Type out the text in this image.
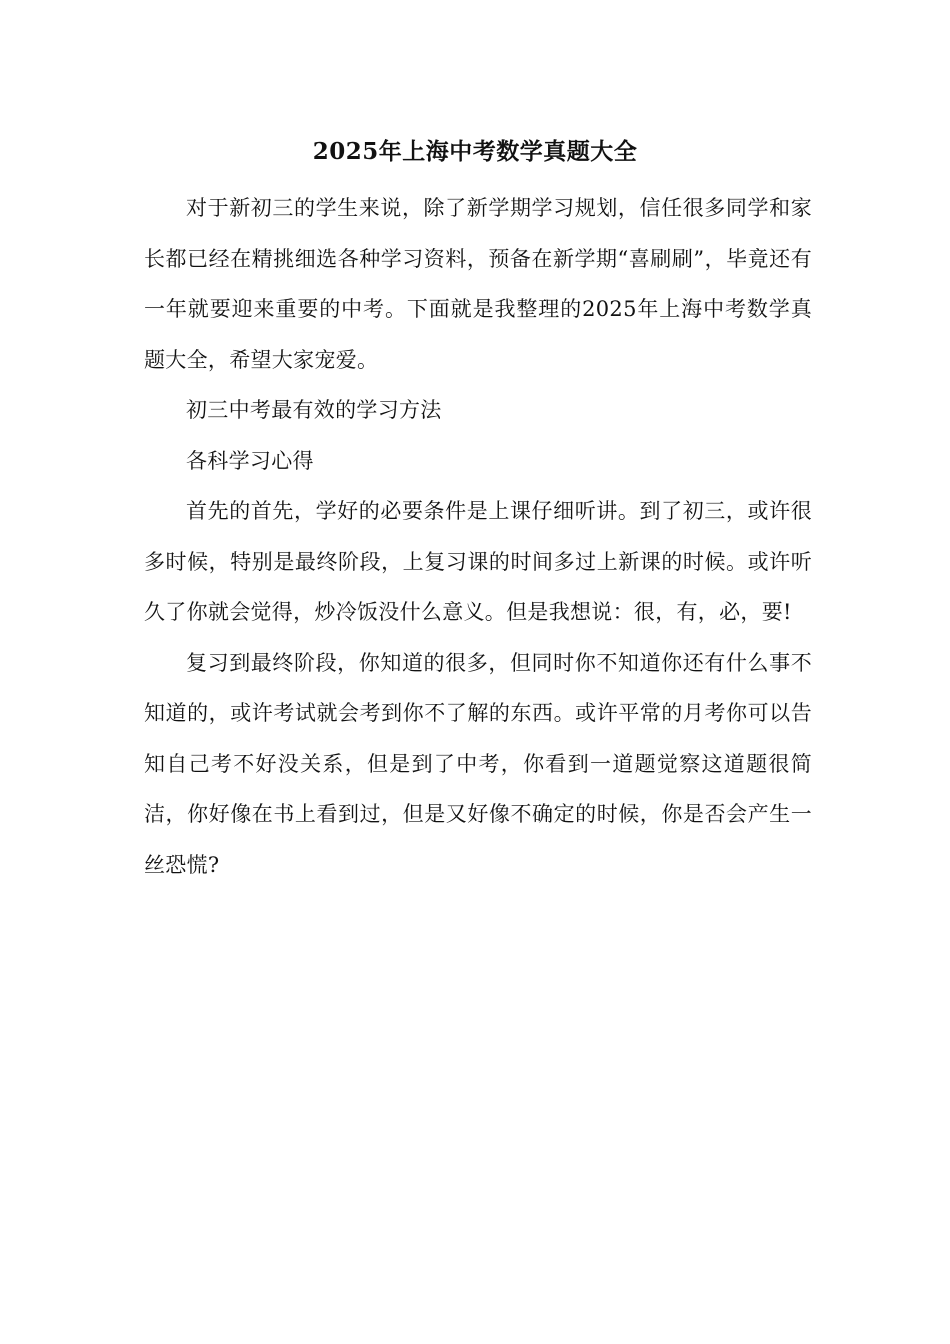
2025年上海中考数学真题大全

对于新初三的学生来说，除了新学期学习规划，信任很多同学和家长都已经在精挑细选各种学习资料，预备在新学期“喜刷刷”，毕竟还有一年就要迎来重要的中考。下面就是我整理的2025年上海中考数学真题大全，希望大家宠爱。

初三中考最有效的学习方法

各科学习心得

首先的首先，学好的必要条件是上课仔细听讲。到了初三，或许很多时候，特别是最终阶段，上复习课的时间多过上新课的时候。或许听久了你就会觉得，炒冷饭没什么意义。但是我想说：很，有，必，要!

复习到最终阶段，你知道的很多，但同时你不知道你还有什么事不知道的，或许考试就会考到你不了解的东西。或许平常的月考你可以告知自己考不好没关系，但是到了中考，你看到一道题觉察这道题很简洁，你好像在书上看到过，但是又好像不确定的时候，你是否会产生一丝恐慌?
